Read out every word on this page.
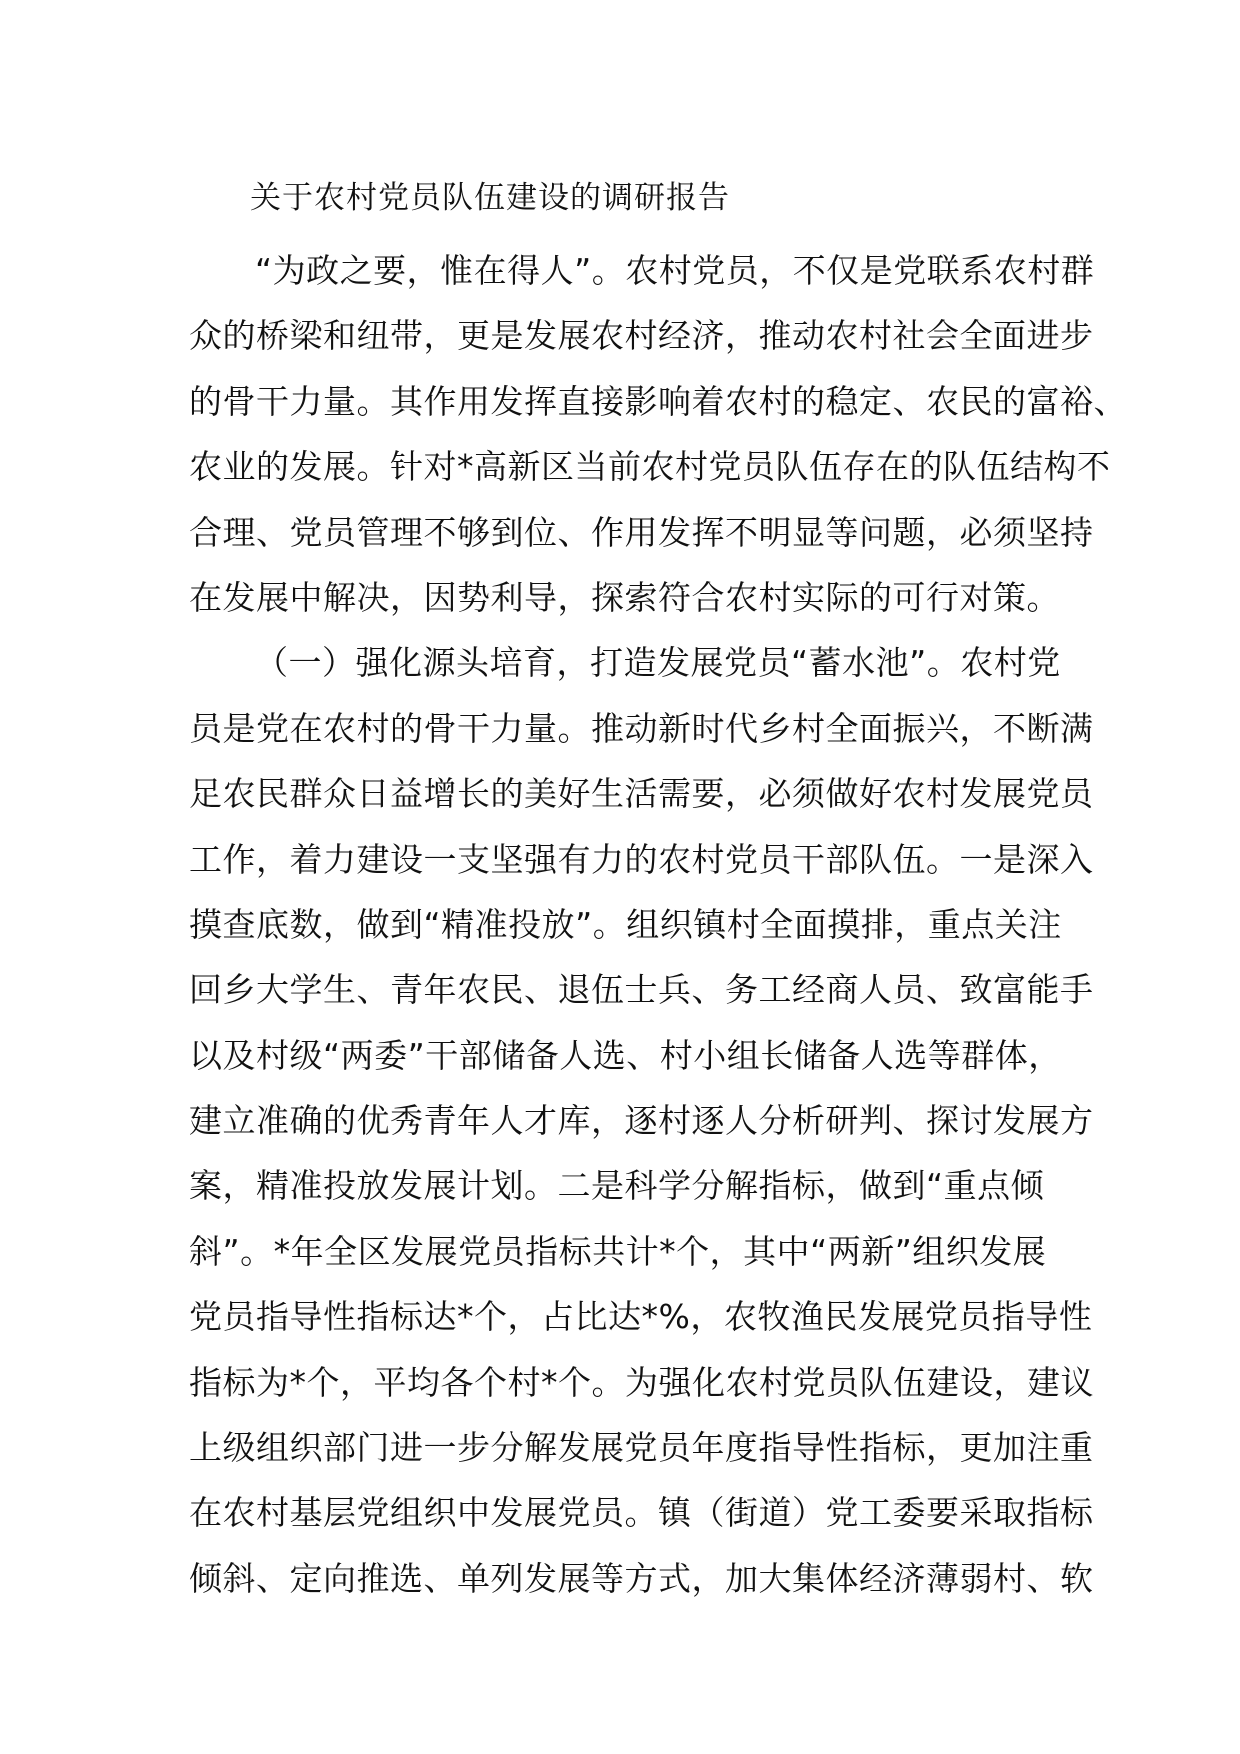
关于农村党员队伍建设的调研报告
“为政之要，惟在得人”。农村党员，不仅是党联系农村群
众的桥梁和纽带，更是发展农村经济，推动农村社会全面进步
的骨干力量。其作用发挥直接影响着农村的稳定、农民的富裕、
农业的发展。针对*高新区当前农村党员队伍存在的队伍结构不
合理、党员管理不够到位、作用发挥不明显等问题，必须坚持
在发展中解决，因势利导，探索符合农村实际的可行对策。
（一）强化源头培育，打造发展党员“蓄水池”。农村党
员是党在农村的骨干力量。推动新时代乡村全面振兴，不断满
足农民群众日益增长的美好生活需要，必须做好农村发展党员
工作，着力建设一支坚强有力的农村党员干部队伍。一是深入
摸查底数，做到“精准投放”。组织镇村全面摸排，重点关注
回乡大学生、青年农民、退伍士兵、务工经商人员、致富能手
以及村级“两委”干部储备人选、村小组长储备人选等群体，
建立准确的优秀青年人才库，逐村逐人分析研判、探讨发展方
案，精准投放发展计划。二是科学分解指标，做到“重点倾
斜”。*年全区发展党员指标共计*个，其中“两新”组织发展
党员指导性指标达*个，占比达*%，农牧渔民发展党员指导性
指标为*个，平均各个村*个。为强化农村党员队伍建设，建议
上级组织部门进一步分解发展党员年度指导性指标，更加注重
在农村基层党组织中发展党员。镇（街道）党工委要采取指标
倾斜、定向推选、单列发展等方式，加大集体经济薄弱村、软
